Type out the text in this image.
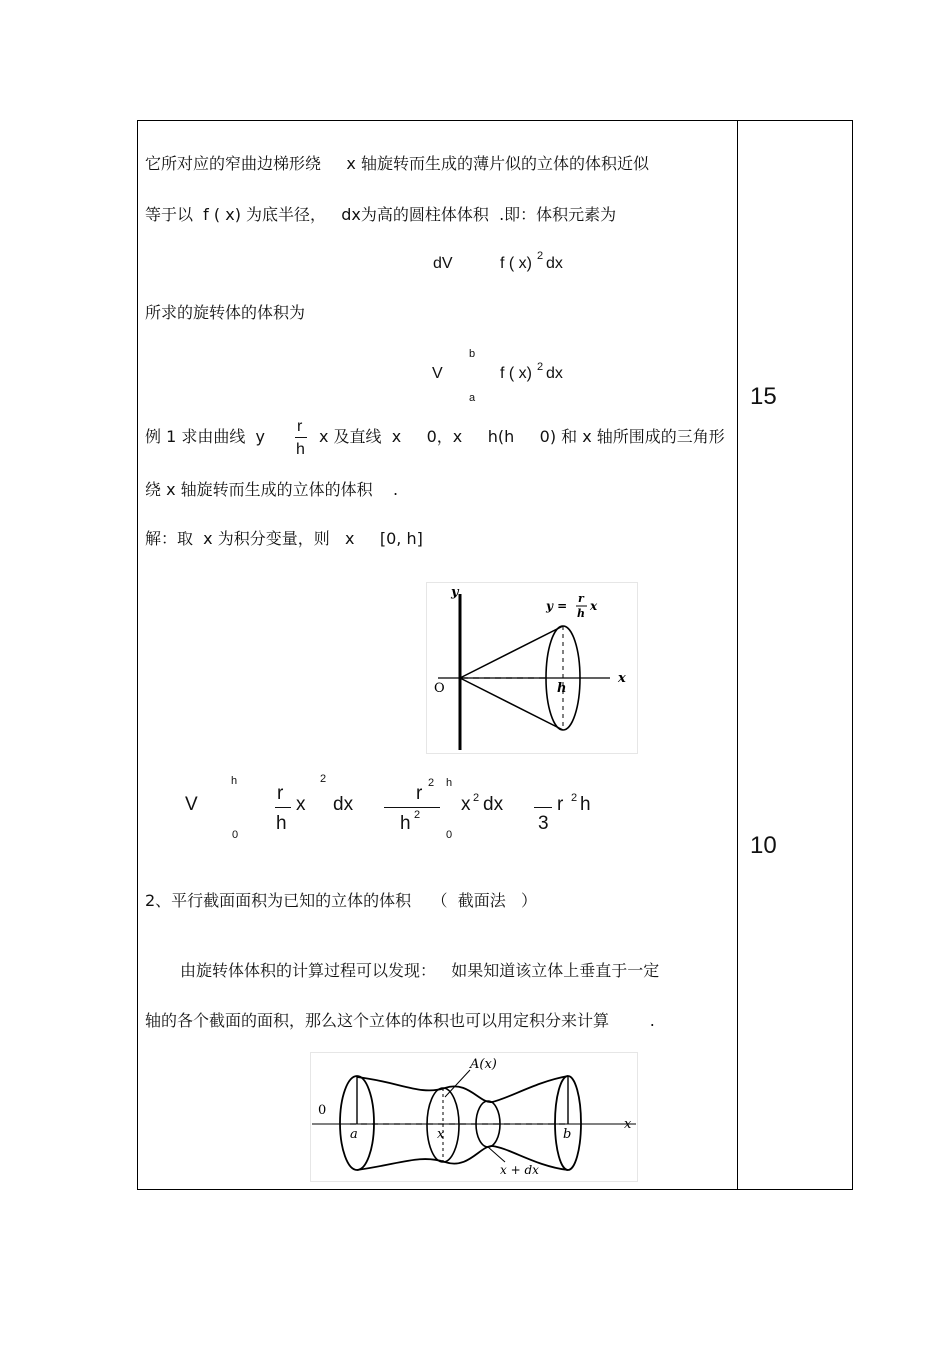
它所对应的窄曲边梯形绕     x 轴旋转而生成的薄片似的立体的体积近似
等于以  f ( x) 为底半径，   dx为高的圆柱体体积  .即：体积元素为
dV	f ( x) 2 dx
所求的旋转体的体积为
b
V	f ( x) 2 dx
a
例 1 求由曲线  y
r
h
x 及直线  x     0，x     h(h     0) 和 x 轴所围成的三角形
绕 x 轴旋转而生成的立体的体积    .
解：取  x 为积分变量，则   x     [0, h]
y
x
O	h
y =
r
h
x
h
V
0
r
h
x
2
dx
r 2
h 2
h
0
x 2 dx
3
r 2 h
2、平行截面面积为已知的立体的体积    （  截面法   ）
由旋转体体积的计算过程可以发现：   如果知道该立体上垂直于一定
轴的各个截面的面积，那么这个立体的体积也可以用定积分来计算        .
0
a	x	b
x
A(x)
x + dx
15
10
